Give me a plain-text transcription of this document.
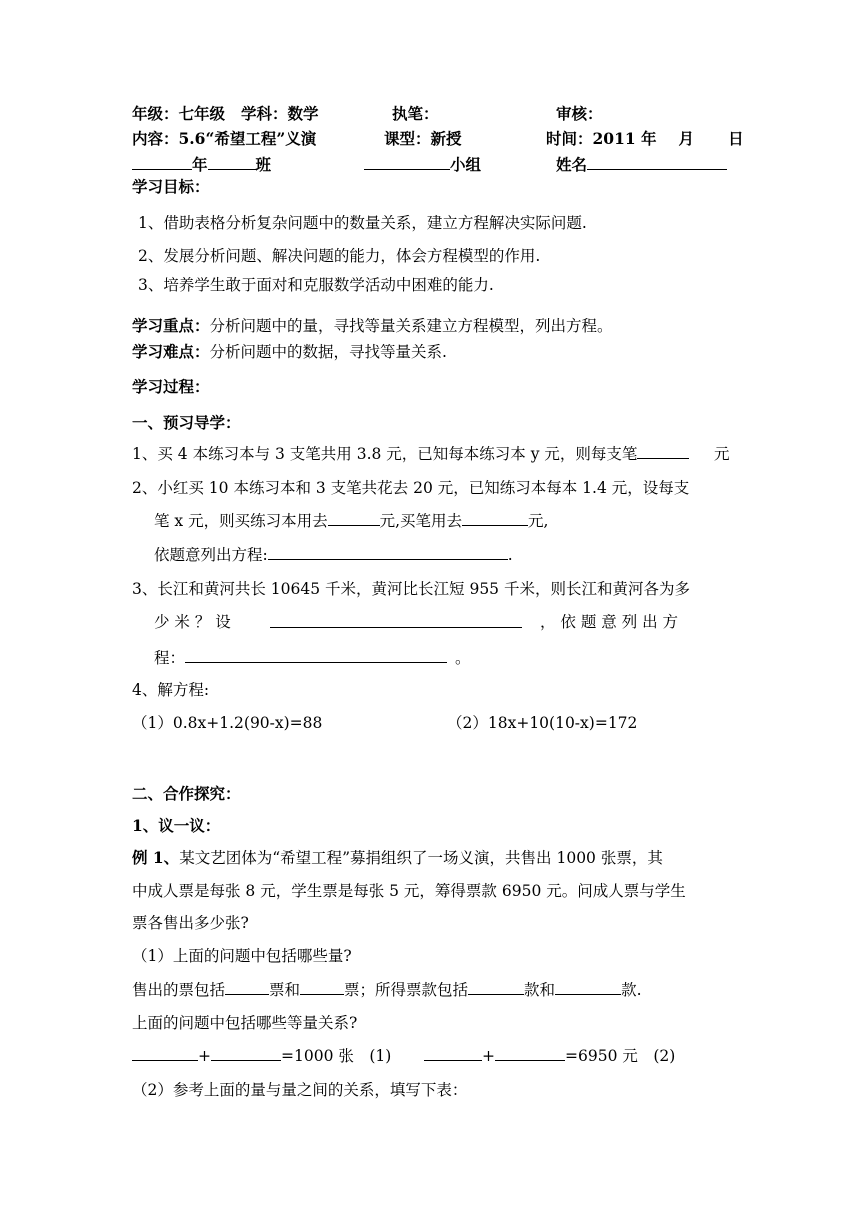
年级：七年级 学科：数学	执笔：	审核：
内容：5.6“希望工程”义演	课型：新授	时间：2011 年 月 日
年	班	小组	姓名
学习目标：
1、借助表格分析复杂问题中的数量关系，建立方程解决实际问题.
2、发展分析问题、解决问题的能力，体会方程模型的作用.
3、培养学生敢于面对和克服数学活动中困难的能力.
学习重点：分析问题中的量，寻找等量关系建立方程模型，列出方程。
学习难点：分析问题中的数据，寻找等量关系.
学习过程：
一、预习导学：
1、买 4 本练习本与 3 支笔共用 3.8 元，已知每本练习本 y 元，则每支笔	元
2、小红买 10 本练习本和 3 支笔共花去 20 元，已知练习本每本 1.4 元，设每支
笔 x 元，则买练习本用去	元,买笔用去	元,
依题意列出方程:	.
3、长江和黄河共长 10645 千米，黄河比长江短 955 千米，则长江和黄河各为多
少 米 ？ 设	， 依 题 意 列 出 方
程：	。
4、解方程:
（1）0.8x+1.2(90-x)=88	（2）18x+10(10-x)=172
二、合作探究：
1、议一议：
例 1、某文艺团体为“希望工程”募捐组织了一场义演，共售出 1000 张票，其
中成人票是每张 8 元，学生票是每张 5 元，筹得票款 6950 元。问成人票与学生
票各售出多少张?
（1）上面的问题中包括哪些量?
售出的票包括	票和	票；所得票款包括	款和	款.
上面的问题中包括哪些等量关系?
+	=1000 张　(1)	+	=6950 元　(2)
（2）参考上面的量与量之间的关系，填写下表：
